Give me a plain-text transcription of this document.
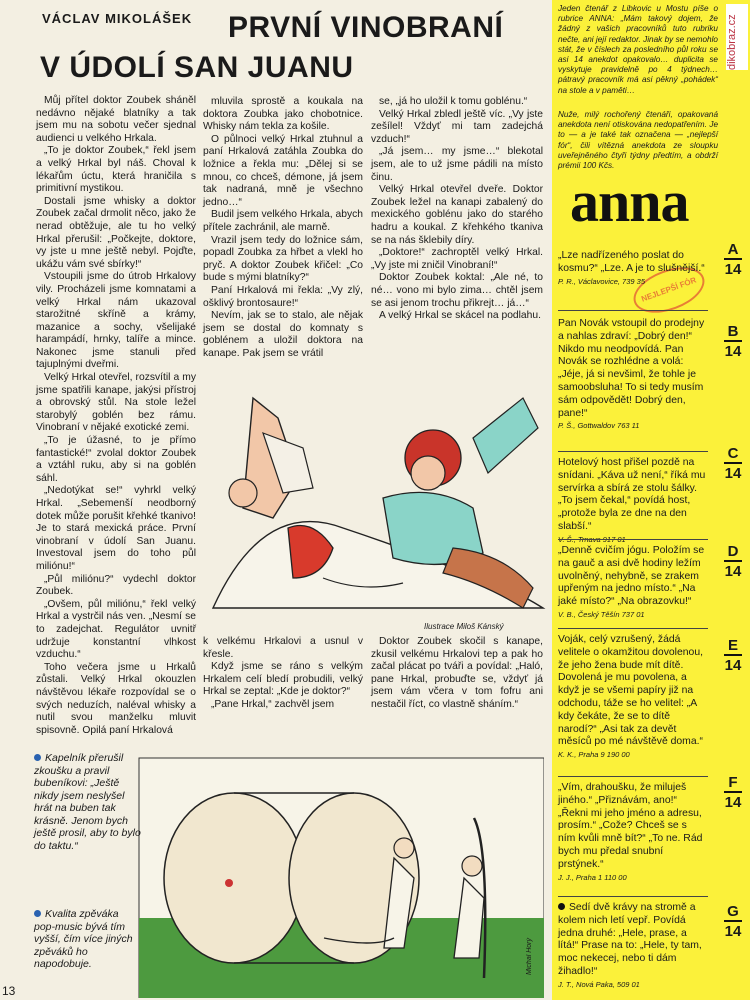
VÁCLAV MIKOLÁŠEK PRVNÍ VINOBRANÍ
V ÚDOLÍ SAN JUANU

Můj přítel doktor Zoubek sháněl nedávno nějaké blatníky a tak jsem mu na sobotu večer sjednal audienci u velkého Hrkala.

„To je doktor Zoubek,“ řekl jsem a velký Hrkal byl náš. Choval k lékařům úctu, která hraničila s primitivní mystikou.

Dostali jsme whisky a doktor Zoubek začal drmolit něco, jako že nerad obtěžuje, ale tu ho velký Hrkal přerušil: „Počkejte, doktore, vy jste u mne ještě nebyl. Pojďte, ukážu vám své sbírky!“

Vstoupili jsme do útrob Hrkalovy vily. Procházeli jsme komnatami a velký Hrkal nám ukazoval starožitné skříně a krámy, mazanice a sochy, všelijaké harampádí, hrnky, talíře a mince. Nakonec jsme stanuli před tajuplnými dveřmi.

Velký Hrkal otevřel, rozsvítil a my jsme spatřili kanape, jakýsi přístroj a obrovský stůl. Na stole ležel starobylý goblén bez rámu. Vinobraní v nějaké exotické zemi.

„To je úžasné, to je přímo fantastické!“ zvolal doktor Zoubek a vztáhl ruku, aby si na goblén sáhl.

„Nedotýkat se!“ vyhrkl velký Hrkal. „Sebemenší neodborný dotek může porušit křehké tkanivo! Je to stará mexická práce. První vinobraní v údolí San Juanu. Investoval jsem do toho půl miliónu!“

„Půl miliónu?“ vydechl doktor Zoubek.

„Ovšem, půl miliónu,“ řekl velký Hrkal a vystrčil nás ven. „Nesmí se to zadejchat. Regulátor uvnitř udržuje konstantní vlhkost vzduchu.“

Toho večera jsme u Hrkalů zůstali. Velký Hrkal okouzlen návštěvou lékaře rozpovídal se o svých neduzích, naléval whisky a nutil svou manželku mluvit spisovně. Opilá paní Hrkalová

mluvila sprostě a koukala na doktora Zoubka jako chobotnice. Whisky nám tekla za košile.

O půlnoci velký Hrkal ztuhnul a paní Hrkalová zatáhla Zoubka do ložnice a řekla mu: „Dělej si se mnou, co chceš, démone, já jsem tak nadraná, mně je všechno jedno…“

Budil jsem velkého Hrkala, abych přítele zachránil, ale marně.

Vrazil jsem tedy do ložnice sám, popadl Zoubka za hřbet a vlekl ho pryč. A doktor Zoubek křičel: „Co bude s mými blatníky?“

Paní Hrkalová mi řekla: „Vy zlý, ošklivý brontosaure!“

Nevím, jak se to stalo, ale nějak jsem se dostal do komnaty s goblénem a uložil doktora na kanape. Pak jsem se vrátil

se, „já ho uložil k tomu goblénu.“

Velký Hrkal zbledl ještě víc. „Vy jste zešílel! Vždyť mi tam zadejchá vzduch!“

„Já jsem… my jsme…“ blekotal jsem, ale to už jsme pádili na místo činu.

Velký Hrkal otevřel dveře. Doktor Zoubek ležel na kanapi zabalený do mexického goblénu jako do starého hadru a koukal. Z křehkého tkaniva se na nás šklebily díry.

„Doktore!“ zachroptěl velký Hrkal. „Vy jste mi zničil Vinobraní!“

Doktor Zoubek koktal: „Ale né, to né… vono mi bylo zima… chtěl jsem se asi jenom trochu přikrejt… já…“

A velký Hrkal se skácel na podlahu.

Ilustrace Miloš Kánský

k velkému Hrkalovi a usnul v křesle.

Když jsme se ráno s velkým Hrkalem celí bledí probudili, velký Hrkal se zeptal: „Kde je doktor?“

„Pane Hrkal,“ zachvěl jsem

Doktor Zoubek skočil s kanape, zkusil velkému Hrkalovi tep a pak ho začal plácat po tváři a povídal: „Haló, pane Hrkal, probuďte se, vždyť já jsem vám včera v tom fofru ani nestačil říct, co vlastně sháním.“

Kapelník přerušil zkoušku a pravil bubeníkovi: „Ještě nikdy jsem neslyšel hrát na buben tak krásně. Jenom bych ještě prosil, aby to bylo do taktu.“
Kvalita zpěváka pop-music bývá tím vyšší, čím více jiných zpěváků ho napodobuje.	Michal Horý
13
Jeden čtenář z Libkovic u Mostu píše o rubrice ANNA: „Mám takový dojem, že žádný z vašich pracovníků tuto rubriku nečte, ani její redaktor. Jinak by se nemohlo stát, že v číslech za posledního půl roku se asi 14 anekdot opakovalo… duplicita se vyskytuje pravidelně po 4 týdnech… pátravý pracovník má asi pěkný „pohádek“ na stole a v paměti…
Nuže, milý rochořený čtenáři, opakovaná anekdota není otiskována nedopatřením. Je to — a je také tak označena — „nejlepší fór“, čili vítězná anekdota ze sloupku uveřejněného čtyři týdny předtím, a obdrží prémii 100 Kčs.
anna
NEJLEPŠÍ FÓR
„Lze nadřízeného poslat do kosmu?“ „Lze. A je to slušnější.“
P. R., Václavovice, 739 35
A
14
Pan Novák vstoupil do prodejny a nahlas zdraví: „Dobrý den!“ Nikdo mu neodpovídá. Pan Novák se rozhlédne a volá: „Jéje, já si nevšiml, že tohle je samoobsluha! To si tedy musím sám odpovědět! Dobrý den, pane!“
P. Š., Gottwaldov 763 11
B
14
Hotelový host přišel pozdě na snídani. „Káva už není,“ říká mu servírka a sbírá ze stolu šálky. „To jsem čekal,“ povídá host, „protože byla ze dne na den slabší.“
V. Š., Trnava 917 01
C
14
„Denně cvičím jógu. Položím se na gauč a asi dvě hodiny ležím uvolněný, nehybně, se zrakem upřeným na jedno místo.“ „Na jaké místo?“ „Na obrazovku!“
V. B., Český Těšín 737 01
D
14
Voják, celý vzrušený, žádá velitele o okamžitou dovolenou, že jeho žena bude mít dítě. Dovolená je mu povolena, a když je se všemi papíry již na odchodu, táže se ho velitel: „A kdy čekáte, že se to dítě narodí?“ „Asi tak za devět měsíců po mé návštěvě doma.“
K. K., Praha 9 190 00
E
14
„Vím, drahoušku, že miluješ jiného.“ „Přiznávám, ano!“ „Řekni mi jeho jméno a adresu, prosím.“ „Cože? Chceš se s ním kvůli mně bít?“ „To ne. Rád bych mu předal snubní prstýnek.“
J. J., Praha 1 110 00
F
14
Sedí dvě krávy na stromě a kolem nich letí vepř. Povídá jedna druhé: „Hele, prase, a lítá!“ Prase na to: „Hele, ty tam, moc nekecej, nebo ti dám žihadlo!“
J. T., Nová Paka, 509 01
G
14
dikobraz.cz
